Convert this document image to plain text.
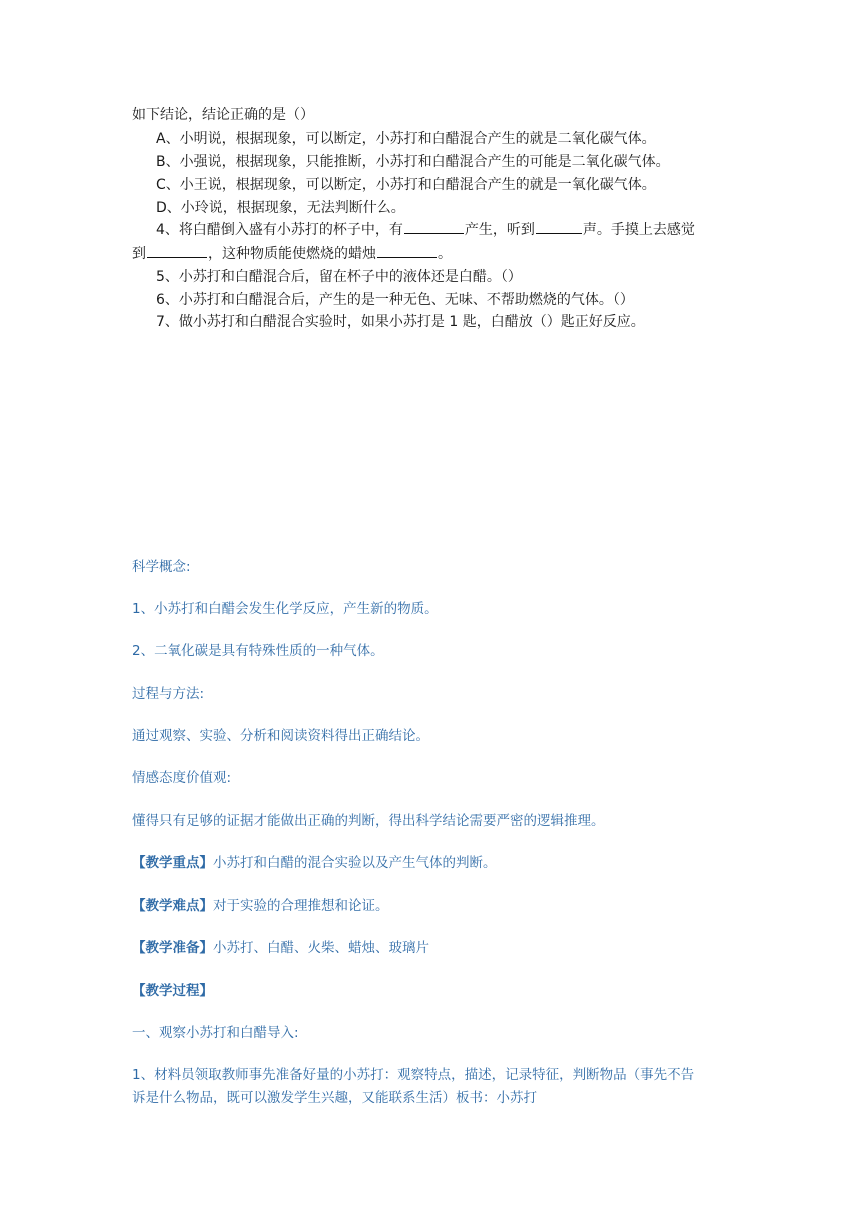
如下结论，结论正确的是（）
A、小明说，根据现象，可以断定，小苏打和白醋混合产生的就是二氧化碳气体。
B、小强说，根据现象，只能推断，小苏打和白醋混合产生的可能是二氧化碳气体。
C、小王说，根据现象，可以断定，小苏打和白醋混合产生的就是一氧化碳气体。
D、小玲说，根据现象，无法判断什么。
4、将白醋倒入盛有小苏打的杯子中，有	产生，听到	声。手摸上去感觉
到	，这种物质能使燃烧的蜡烛	。
5、小苏打和白醋混合后，留在杯子中的液体还是白醋。（）
6、小苏打和白醋混合后，产生的是一种无色、无味、不帮助燃烧的气体。（）
7、做小苏打和白醋混合实验时，如果小苏打是 1 匙，白醋放（）匙正好反应。
科学概念:
1、小苏打和白醋会发生化学反应，产生新的物质。
2、二氧化碳是具有特殊性质的一种气体。
过程与方法:
通过观察、实验、分析和阅读资料得出正确结论。
情感态度价值观:
懂得只有足够的证据才能做出正确的判断，得出科学结论需要严密的逻辑推理。
【教学重点】小苏打和白醋的混合实验以及产生气体的判断。
【教学难点】对于实验的合理推想和论证。
【教学准备】小苏打、白醋、火柴、蜡烛、玻璃片
【教学过程】
一、观察小苏打和白醋导入:
1、材料员领取教师事先准备好量的小苏打：观察特点，描述，记录特征，判断物品（事先不告
诉是什么物品，既可以激发学生兴趣，又能联系生活）板书：小苏打
